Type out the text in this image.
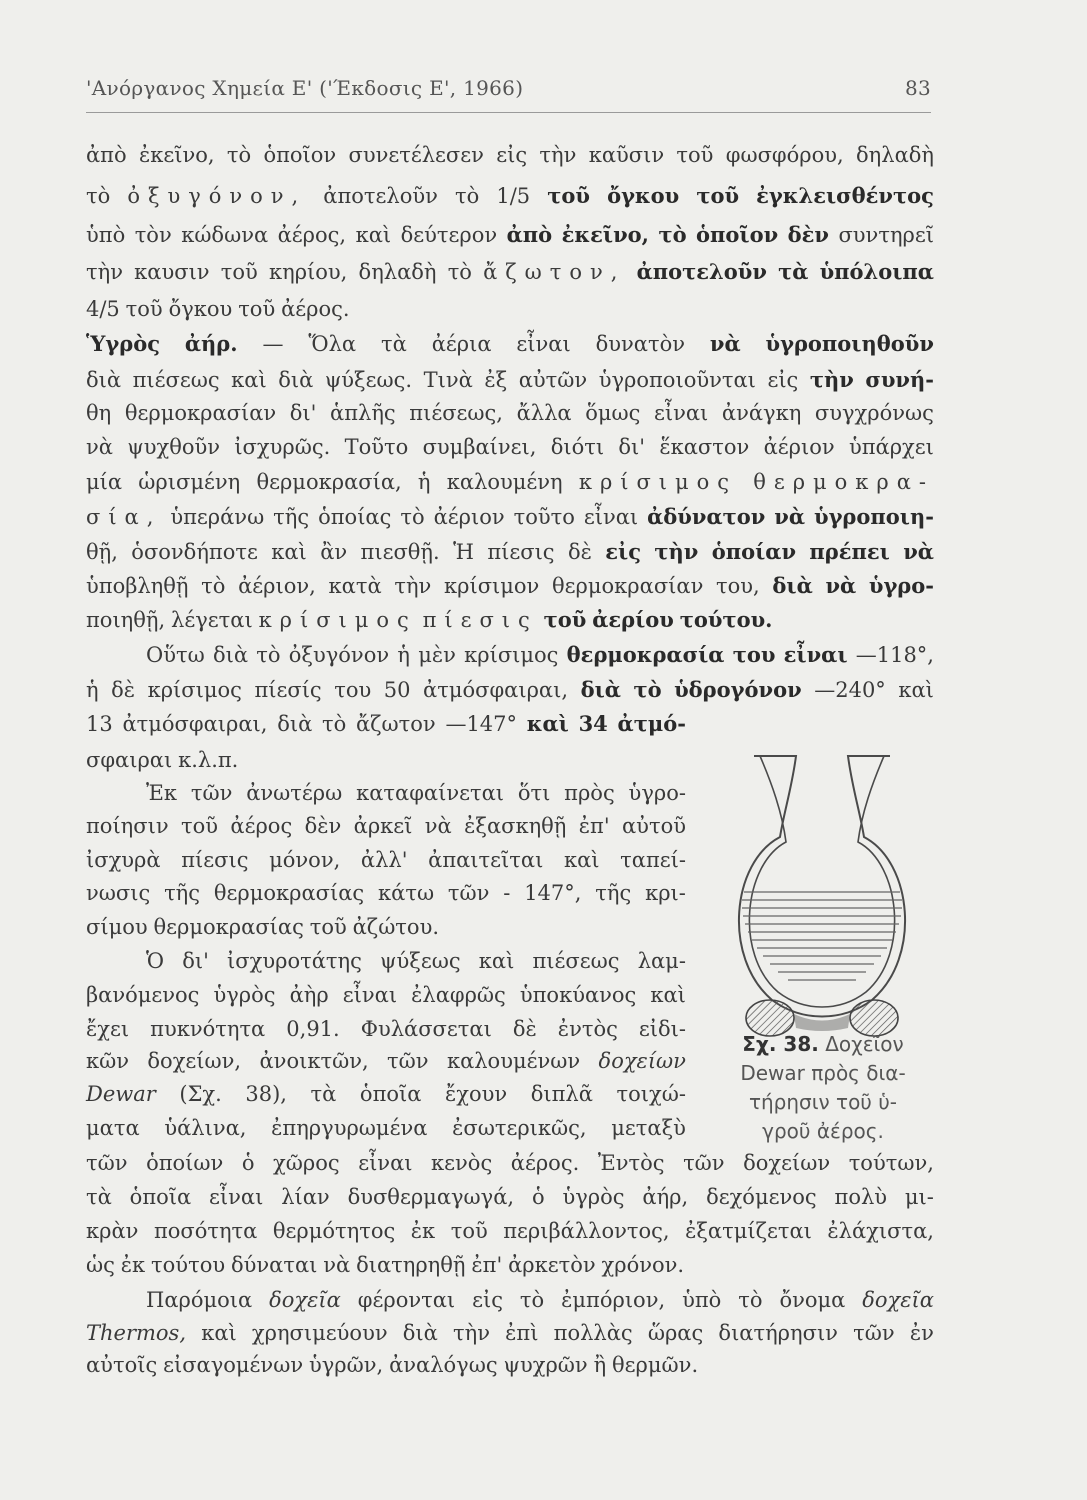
'Ανόργανος Χημεία Ε' ('Έκδοσις Ε', 1966)	83
ἀπὸ ἐκεῖνο, τὸ ὁποῖον συνετέλεσεν εἰς τὴν καῦσιν τοῦ φωσφόρου, δηλαδὴ
τὸ ὀξυγόνον, ἀποτελοῦν τὸ 1/5 τοῦ ὄγκου τοῦ ἐγκλεισθέντος
ὑπὸ τὸν κώδωνα ἀέρος, καὶ δεύτερον ἀπὸ ἐκεῖνο, τὸ ὁποῖον δὲν συντηρεῖ
τὴν καυσιν τοῦ κηρίου, δηλαδὴ τὸ ἄζωτον, ἀποτελοῦν τὰ ὑπόλοιπα
4/5 τοῦ ὄγκου τοῦ ἀέρος.
Ὑγρὸς ἀήρ. — Ὅλα τὰ ἀέρια εἶναι δυνατὸν νὰ ὑγροποιηθοῦν
διὰ πιέσεως καὶ διὰ ψύξεως. Τινὰ ἐξ αὐτῶν ὑγροποιοῦνται εἰς τὴν συνή-
θη θερμοκρασίαν δι' ἁπλῆς πιέσεως, ἄλλα ὅμως εἶναι ἀνάγκη συγχρόνως
νὰ ψυχθοῦν ἰσχυρῶς. Τοῦτο συμβαίνει, διότι δι' ἕκαστον ἀέριον ὑπάρχει
μία ὡρισμένη θερμοκρασία, ἡ καλουμένη κρίσιμος θερμοκρα-
σία, ὑπεράνω τῆς ὁποίας τὸ ἀέριον τοῦτο εἶναι ἀδύνατον νὰ ὑγροποιη-
θῇ, ὁσονδήποτε καὶ ἂν πιεσθῇ. Ἡ πίεσις δὲ εἰς τὴν ὁποίαν πρέπει νὰ
ὑποβληθῇ τὸ ἀέριον, κατὰ τὴν κρίσιμον θερμοκρασίαν του, διὰ νὰ ὑγρο-
ποιηθῇ, λέγεται κρίσιμος πίεσις τοῦ ἀερίου τούτου.
Οὕτω διὰ τὸ ὀξυγόνον ἡ μὲν κρίσιμος θερμοκρασία του εἶναι —118°,
ἡ δὲ κρίσιμος πίεσίς του 50 ἀτμόσφαιραι, διὰ τὸ ὑδρογόνον —240° καὶ
13 ἀτμόσφαιραι, διὰ τὸ ἄζωτον —147° καὶ 34 ἀτμό-
σφαιραι κ.λ.π.
Ἐκ τῶν ἀνωτέρω καταφαίνεται ὅτι πρὸς ὑγρο-
ποίησιν τοῦ ἀέρος δὲν ἀρκεῖ νὰ ἐξασκηθῇ ἐπ' αὐτοῦ
ἰσχυρὰ πίεσις μόνον, ἀλλ' ἀπαιτεῖται καὶ ταπεί-
νωσις τῆς θερμοκρασίας κάτω τῶν - 147°, τῆς κρι-
σίμου θερμοκρασίας τοῦ ἀζώτου.
Ὁ δι' ἰσχυροτάτης ψύξεως καὶ πιέσεως λαμ-
βανόμενος ὑγρὸς ἀὴρ εἶναι ἐλαφρῶς ὑποκύανος καὶ
ἔχει πυκνότητα 0,91. Φυλάσσεται δὲ ἐντὸς εἰδι-
κῶν δοχείων, ἀνοικτῶν, τῶν καλουμένων δοχείων
Dewar (Σχ. 38), τὰ ὁποῖα ἔχουν διπλᾶ τοιχώ-
ματα ὑάλινα, ἐπηργυρωμένα ἐσωτερικῶς, μεταξὺ
τῶν ὁποίων ὁ χῶρος εἶναι κενὸς ἀέρος. Ἐντὸς τῶν δοχείων τούτων,
τὰ ὁποῖα εἶναι λίαν δυσθερμαγωγά, ὁ ὑγρὸς ἀήρ, δεχόμενος πολὺ μι-
κρὰν ποσότητα θερμότητος ἐκ τοῦ περιβάλλοντος, ἐξατμίζεται ἐλάχιστα,
ὡς ἐκ τούτου δύναται νὰ διατηρηθῇ ἐπ' ἀρκετὸν χρόνον.
Παρόμοια δοχεῖα φέρονται εἰς τὸ ἐμπόριον, ὑπὸ τὸ ὄνομα δοχεῖα
Thermos, καὶ χρησιμεύουν διὰ τὴν ἐπὶ πολλὰς ὥρας διατήρησιν τῶν ἐν
αὐτοῖς εἰσαγομένων ὑγρῶν, ἀναλόγως ψυχρῶν ἢ θερμῶν.
Σχ. 38. Δοχεῖον
Dewar πρὸς δια-
τήρησιν τοῦ ὑ-
γροῦ ἀέρος.
